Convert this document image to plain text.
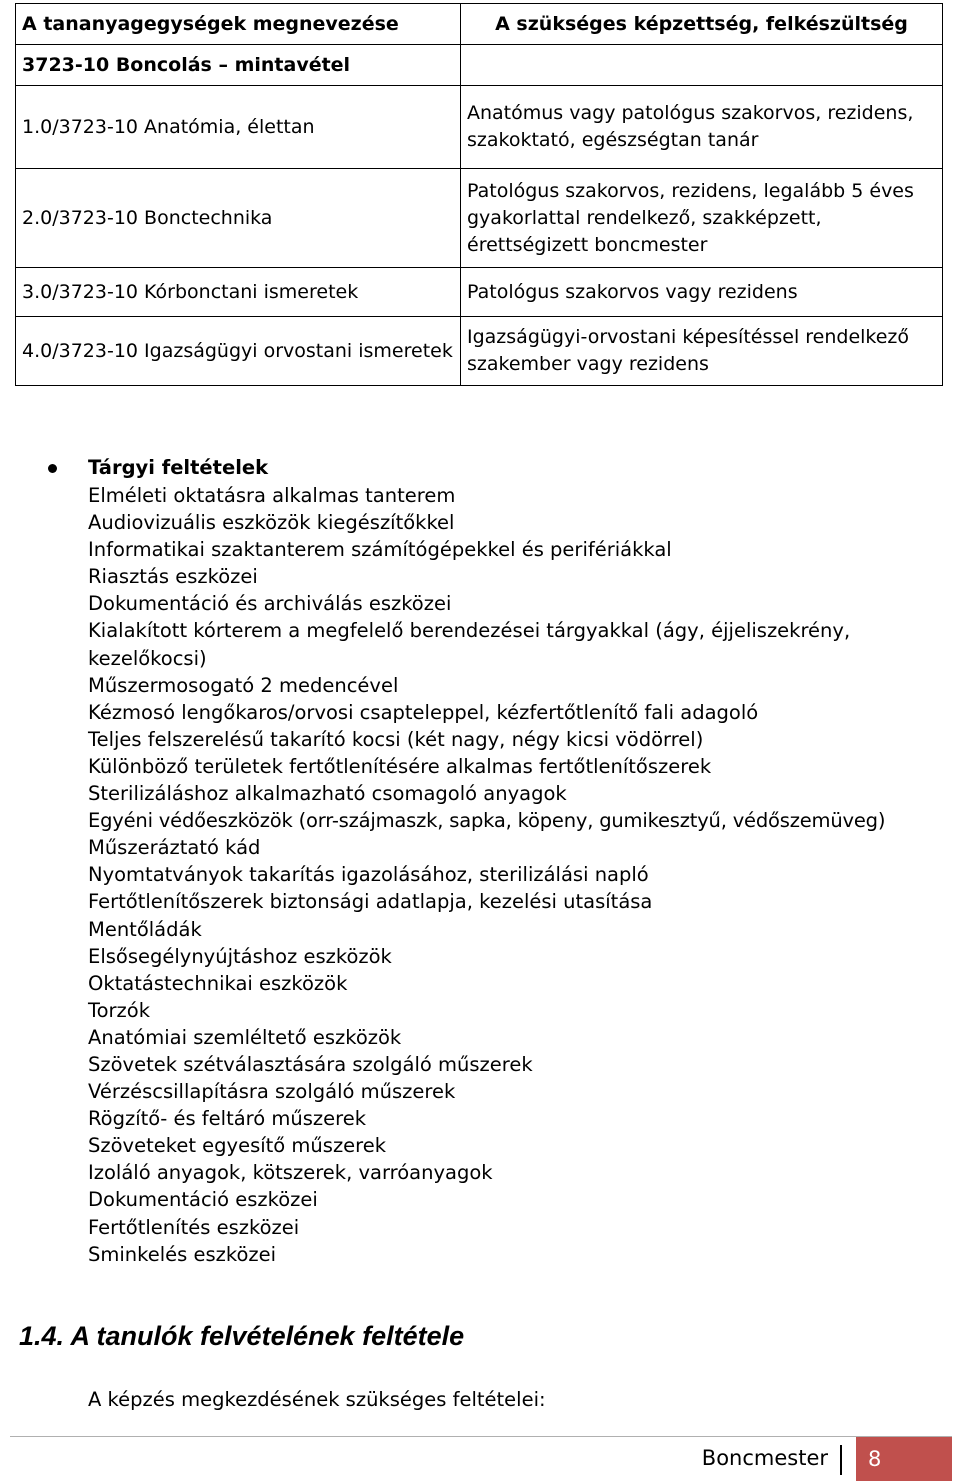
A tananyagegységek megnevezése	A szükséges képzettség, felkészültség
3723-10 Boncolás – mintavétel	
1.0/3723-10 Anatómia, élettan	Anatómus vagy patológus szakorvos, rezidens, szakoktató, egészségtan tanár
2.0/3723-10 Bonctechnika	Patológus szakorvos, rezidens, legalább 5 éves gyakorlattal rendelkező, szakképzett, érettségizett boncmester
3.0/3723-10 Kórbonctani ismeretek	Patológus szakorvos vagy rezidens
4.0/3723-10 Igazságügyi orvostani ismeretek	Igazságügyi-orvostani képesítéssel rendelkező szakember vagy rezidens
Tárgyi feltételek
Elméleti oktatásra alkalmas tanterem
Audiovizuális eszközök kiegészítőkkel
Informatikai szaktanterem számítógépekkel és perifériákkal
Riasztás eszközei
Dokumentáció és archiválás eszközei
Kialakított kórterem a megfelelő berendezései tárgyakkal (ágy, éjjeliszekrény, kezelőkocsi)
Műszermosogató 2 medencével
Kézmosó lengőkaros/orvosi csapteleppel, kézfertőtlenítő fali adagoló
Teljes felszerelésű takarító kocsi (két nagy, négy kicsi vödörrel)
Különböző területek fertőtlenítésére alkalmas fertőtlenítőszerek
Sterilizáláshoz alkalmazható csomagoló anyagok
Egyéni védőeszközök (orr-szájmaszk, sapka, köpeny, gumikesztyű, védőszemüveg)
Műszeráztató kád
Nyomtatványok takarítás igazolásához, sterilizálási napló
Fertőtlenítőszerek biztonsági adatlapja, kezelési utasítása
Mentőládák
Elsősegélynyújtáshoz eszközök
Oktatástechnikai eszközök
Torzók
Anatómiai szemléltető eszközök
Szövetek szétválasztására szolgáló műszerek
Vérzéscsillapításra szolgáló műszerek
Rögzítő- és feltáró műszerek
Szöveteket egyesítő műszerek
Izoláló anyagok, kötszerek, varróanyagok
Dokumentáció eszközei
Fertőtlenítés eszközei
Sminkelés eszközei
1.4. A tanulók felvételének feltétele
A képzés megkezdésének szükséges feltételei:
Boncmester	8
